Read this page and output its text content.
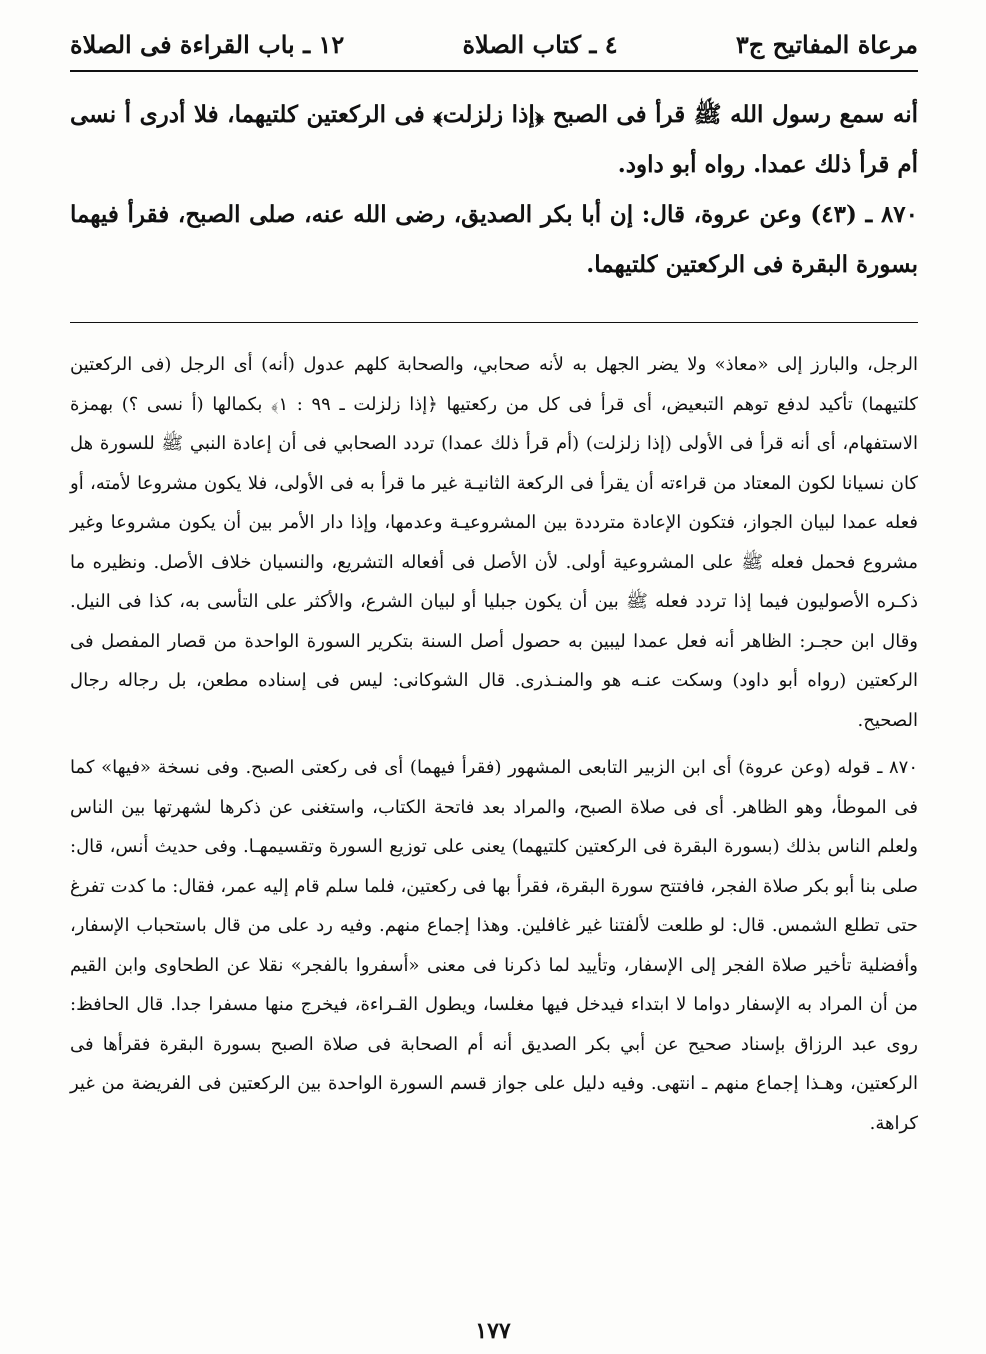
مرعاة المفاتيح ج٣
٤ ـ كتاب الصلاة
١٢ ـ باب القراءة فى الصلاة

أنه سمع رسول الله ﷺ قرأ فى الصبح ﴿إذا زلزلت﴾ فى الركعتين كلتيهما، فلا أدرى أ نسى أم قرأ ذلك عمدا. رواه أبو داود.

٨٧٠ ـ (٤٣) وعن عروة، قال: إن أبا بكر الصديق، رضى الله عنه، صلى الصبح، فقرأ فيهما بسورة البقرة فى الركعتين كلتيهما.

الرجل، والبارز إلى «معاذ» ولا يضر الجهل به لأنه صحابي، والصحابة كلهم عدول (أنه) أى الرجل (فى الركعتين كلتيهما) تأكيد لدفع توهم التبعيض، أى قرأ فى كل من ركعتيها ﴿إذا زلزلت ـ ٩٩ : ١﴾ بكمالها (أ نسى ؟) بهمزة الاستفهام، أى أنه قرأ فى الأولى (إذا زلزلت) (أم قرأ ذلك عمدا) تردد الصحابي فى أن إعادة النبي ﷺ للسورة هل كان نسيانا لكون المعتاد من قراءته أن يقرأ فى الركعة الثانيـة غير ما قرأ به فى الأولى، فلا يكون مشروعا لأمته، أو فعله عمدا لبيان الجواز، فتكون الإعادة مترددة بين المشروعيـة وعدمها، وإذا دار الأمر بين أن يكون مشروعا وغير مشروع فحمل فعله ﷺ على المشروعية أولى. لأن الأصل فى أفعاله التشريع، والنسيان خلاف الأصل. ونظيره ما ذكـره الأصوليون فيما إذا تردد فعله ﷺ بين أن يكون جبليا أو لبيان الشرع، والأكثر على التأسى به، كذا فى النيل. وقال ابن حجـر: الظاهر أنه فعل عمدا ليبين به حصول أصل السنة بتكرير السورة الواحدة من قصار المفصل فى الركعتين (رواه أبو داود) وسكت عنـه هو والمنـذرى. قال الشوكانى: ليس فى إسناده مطعن، بل رجاله رجال الصحيح.

٨٧٠ ـ قوله (وعن عروة) أى ابن الزبير التابعى المشهور (فقرأ فيهما) أى فى ركعتى الصبح. وفى نسخة «فيها» كما فى الموطأ، وهو الظاهر. أى فى صلاة الصبح، والمراد بعد فاتحة الكتاب، واستغنى عن ذكرها لشهرتها بين الناس ولعلم الناس بذلك (بسورة البقرة فى الركعتين كلتيهما) يعنى على توزيع السورة وتقسيمهـا. وفى حديث أنس، قال: صلى بنا أبو بكر صلاة الفجر، فافتتح سورة البقرة، فقرأ بها فى ركعتين، فلما سلم قام إليه عمر، فقال: ما كدت تفرغ حتى تطلع الشمس. قال: لو طلعت لألفتنا غير غافلين. وهذا إجماع منهم. وفيه رد على من قال باستحباب الإسفار، وأفضلية تأخير صلاة الفجر إلى الإسفار، وتأييد لما ذكرنا فى معنى «أسفروا بالفجر» نقلا عن الطحاوى وابن القيم من أن المراد به الإسفار دواما لا ابتداء فيدخل فيها مغلسا، ويطول القـراءة، فيخرج منها مسفرا جدا. قال الحافظ: روى عبد الرزاق بإسناد صحيح عن أبي بكر الصديق أنه أم الصحابة فى صلاة الصبح بسورة البقرة فقرأها فى الركعتين، وهـذا إجماع منهم ـ انتهى. وفيه دليل على جواز قسم السورة الواحدة بين الركعتين فى الفريضة من غير كراهة.

١٧٧
